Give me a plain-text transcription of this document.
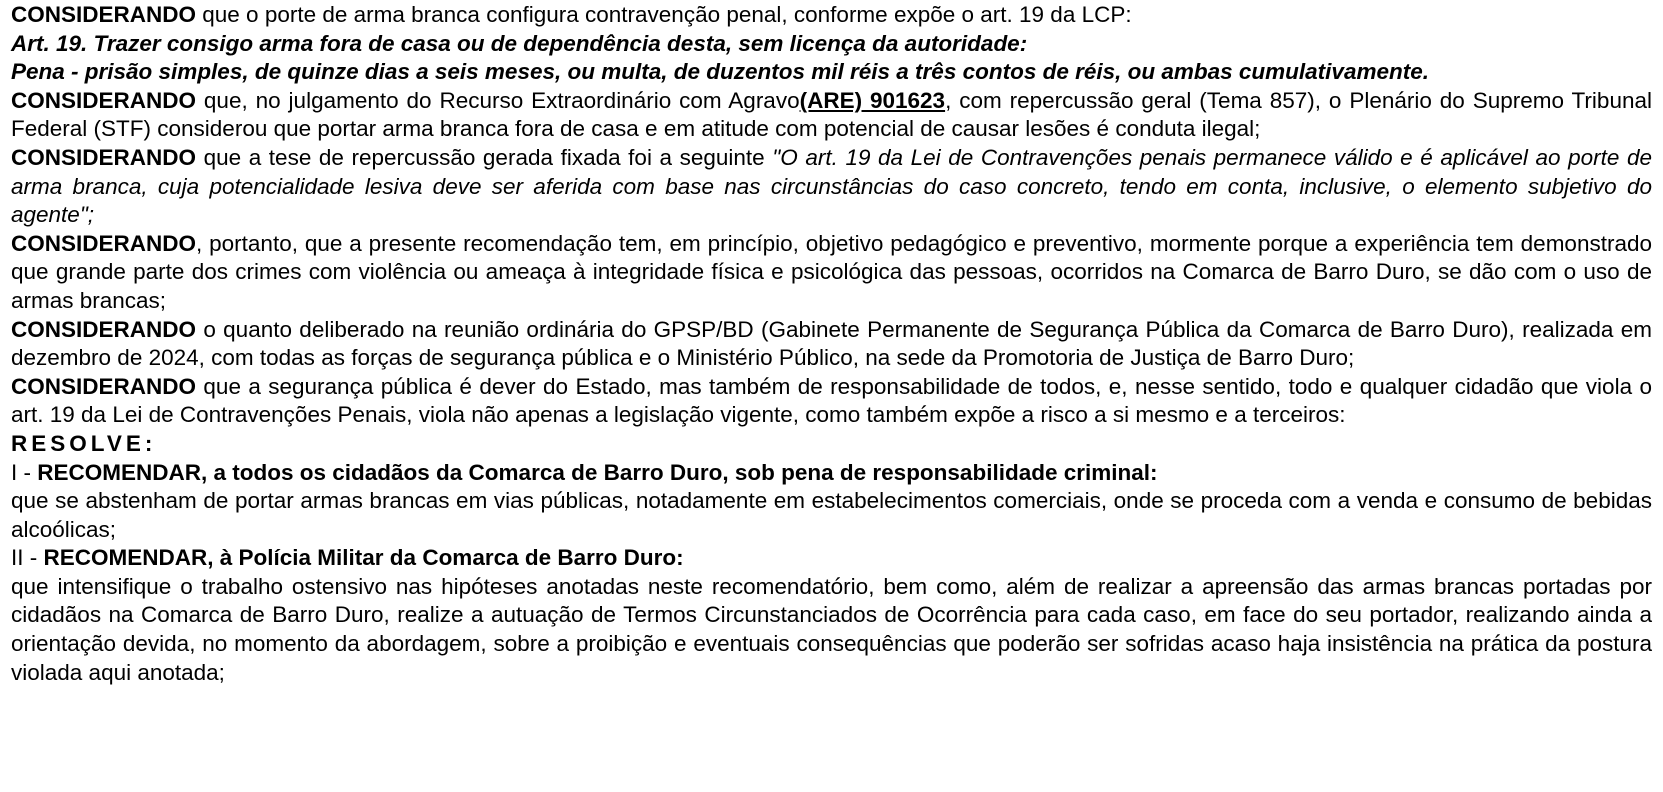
CONSIDERANDO que o porte de arma branca configura contravenção penal, conforme expõe o art. 19 da LCP:

Art. 19. Trazer consigo arma fora de casa ou de dependência desta, sem licença da autoridade:

Pena - prisão simples, de quinze dias a seis meses, ou multa, de duzentos mil réis a três contos de réis, ou ambas cumulativamente.

CONSIDERANDO que, no julgamento do Recurso Extraordinário com Agravo(ARE) 901623, com repercussão geral (Tema 857), o Plenário do Supremo Tribunal Federal (STF) considerou que portar arma branca fora de casa e em atitude com potencial de causar lesões é conduta ilegal;

CONSIDERANDO que a tese de repercussão gerada fixada foi a seguinte "O art. 19 da Lei de Contravenções penais permanece válido e é aplicável ao porte de arma branca, cuja potencialidade lesiva deve ser aferida com base nas circunstâncias do caso concreto, tendo em conta, inclusive, o elemento subjetivo do agente";

CONSIDERANDO, portanto, que a presente recomendação tem, em princípio, objetivo pedagógico e preventivo, mormente porque a experiência tem demonstrado que grande parte dos crimes com violência ou ameaça à integridade física e psicológica das pessoas, ocorridos na Comarca de Barro Duro, se dão com o uso de armas brancas;

CONSIDERANDO o quanto deliberado na reunião ordinária do GPSP/BD (Gabinete Permanente de Segurança Pública da Comarca de Barro Duro), realizada em dezembro de 2024, com todas as forças de segurança pública e o Ministério Público, na sede da Promotoria de Justiça de Barro Duro;

CONSIDERANDO que a segurança pública é dever do Estado, mas também de responsabilidade de todos, e, nesse sentido, todo e qualquer cidadão que viola o art. 19 da Lei de Contravenções Penais, viola não apenas a legislação vigente, como também expõe a risco a si mesmo e a terceiros:

RESOLVE:

I - RECOMENDAR, a todos os cidadãos da Comarca de Barro Duro, sob pena de responsabilidade criminal:

que se abstenham de portar armas brancas em vias públicas, notadamente em estabelecimentos comerciais, onde se proceda com a venda e consumo de bebidas alcoólicas;

II - RECOMENDAR, à Polícia Militar da Comarca de Barro Duro:

que intensifique o trabalho ostensivo nas hipóteses anotadas neste recomendatório, bem como, além de realizar a apreensão das armas brancas portadas por cidadãos na Comarca de Barro Duro, realize a autuação de Termos Circunstanciados de Ocorrência para cada caso, em face do seu portador, realizando ainda a orientação devida, no momento da abordagem, sobre a proibição e eventuais consequências que poderão ser sofridas acaso haja insistência na prática da postura violada aqui anotada;
